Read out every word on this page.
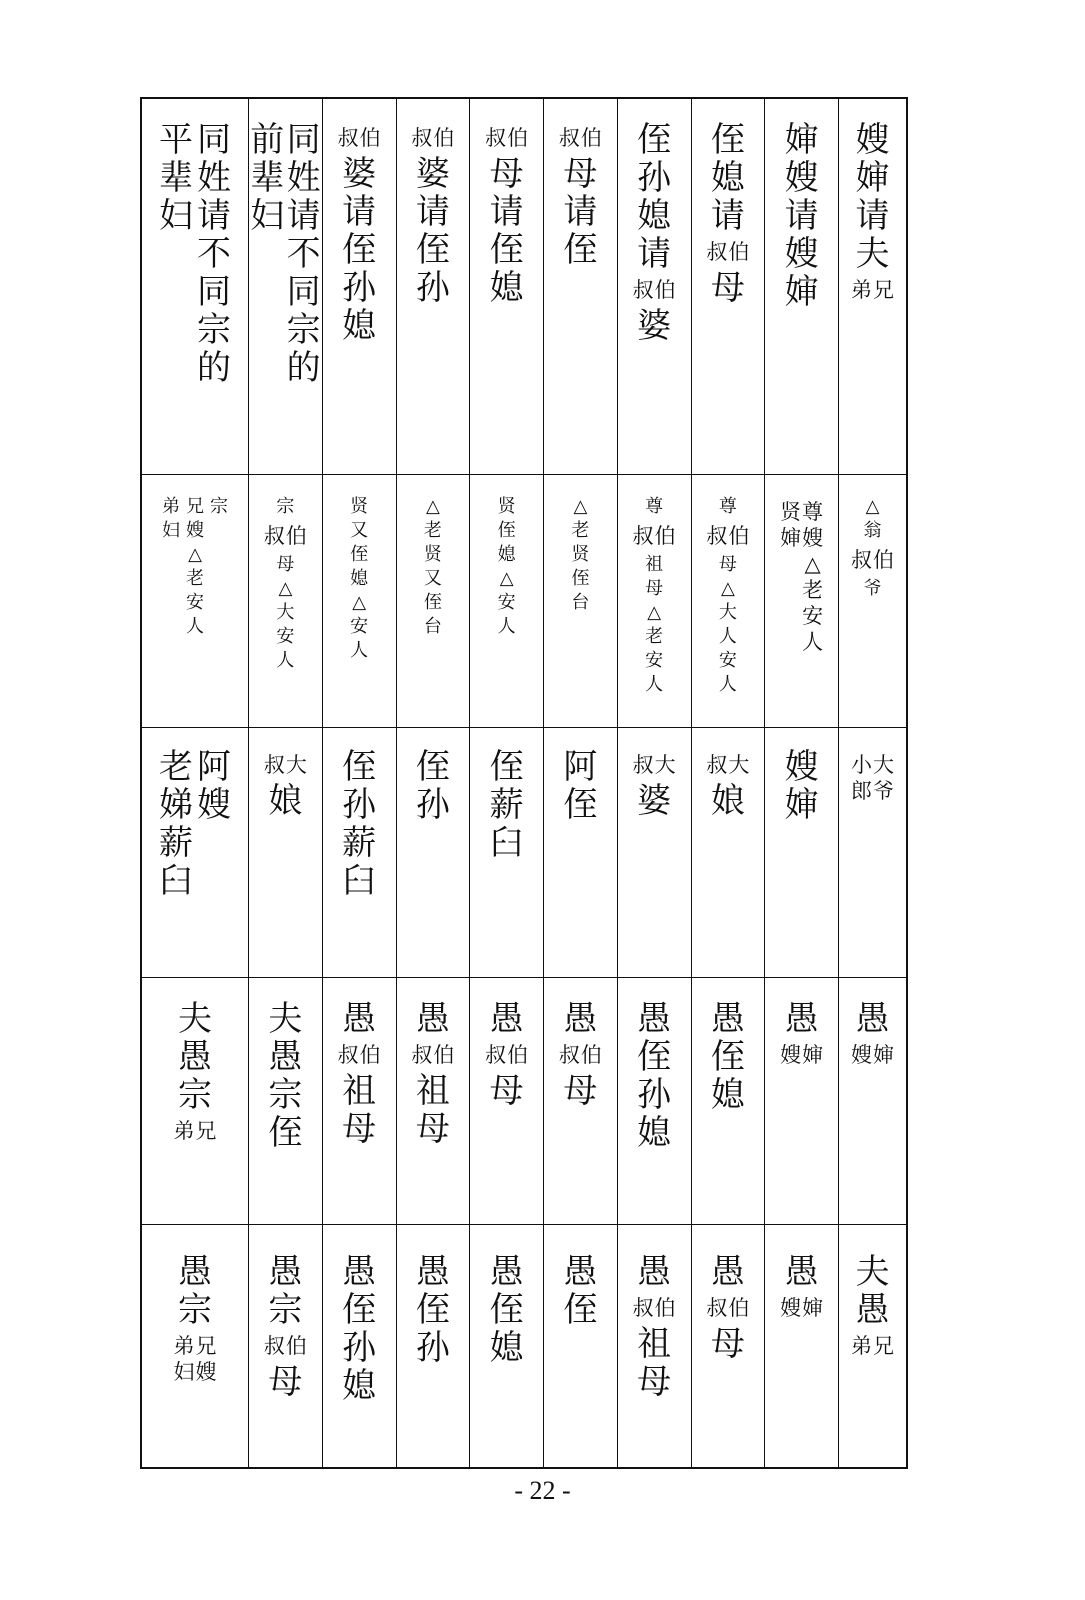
同
姓
请
不
同
宗
的
平
辈
妇
同
姓
请
不
同
宗
的
前
辈
妇
伯
叔
婆
请
侄
孙
媳
伯
叔
婆
请
侄
孙
伯
叔
母
请
侄
媳
伯
叔
母
请
侄
侄
孙
媳
请
伯
叔
婆
侄
媳
请
伯
叔
母
婶
嫂
请
嫂
婶
嫂
婶
请
夫
兄
弟
宗
兄
嫂
△
老
安
人
弟
妇
宗
伯
叔
母
△
大
安
人
贤
又
侄
媳
△
安
人
△
老
贤
又
侄
台
贤
侄
媳
△
安
人
△
老
贤
侄
台
尊
伯
叔
祖
母
△
老
安
人
尊
伯
叔
母
△
大
人
安
人
尊
嫂
△
老
安
人
贤
婶
△
翁
伯
叔
爷
阿
嫂
老
娣
薪
臼
大
叔
娘
侄
孙
薪
臼
侄
孙
侄
薪
臼
阿
侄
大
叔
婆
大
叔
娘
嫂
婶
大
爷
小
郎
夫
愚
宗
兄
弟
夫
愚
宗
侄
愚
伯
叔
祖
母
愚
伯
叔
祖
母
愚
伯
叔
母
愚
伯
叔
母
愚
侄
孙
媳
愚
侄
媳
愚
婶
嫂
愚
婶
嫂
愚
宗
兄
嫂
弟
妇
愚
宗
伯
叔
母
愚
侄
孙
媳
愚
侄
孙
愚
侄
媳
愚
侄
愚
伯
叔
祖
母
愚
伯
叔
母
愚
婶
嫂
夫
愚
兄
弟
- 22 -
